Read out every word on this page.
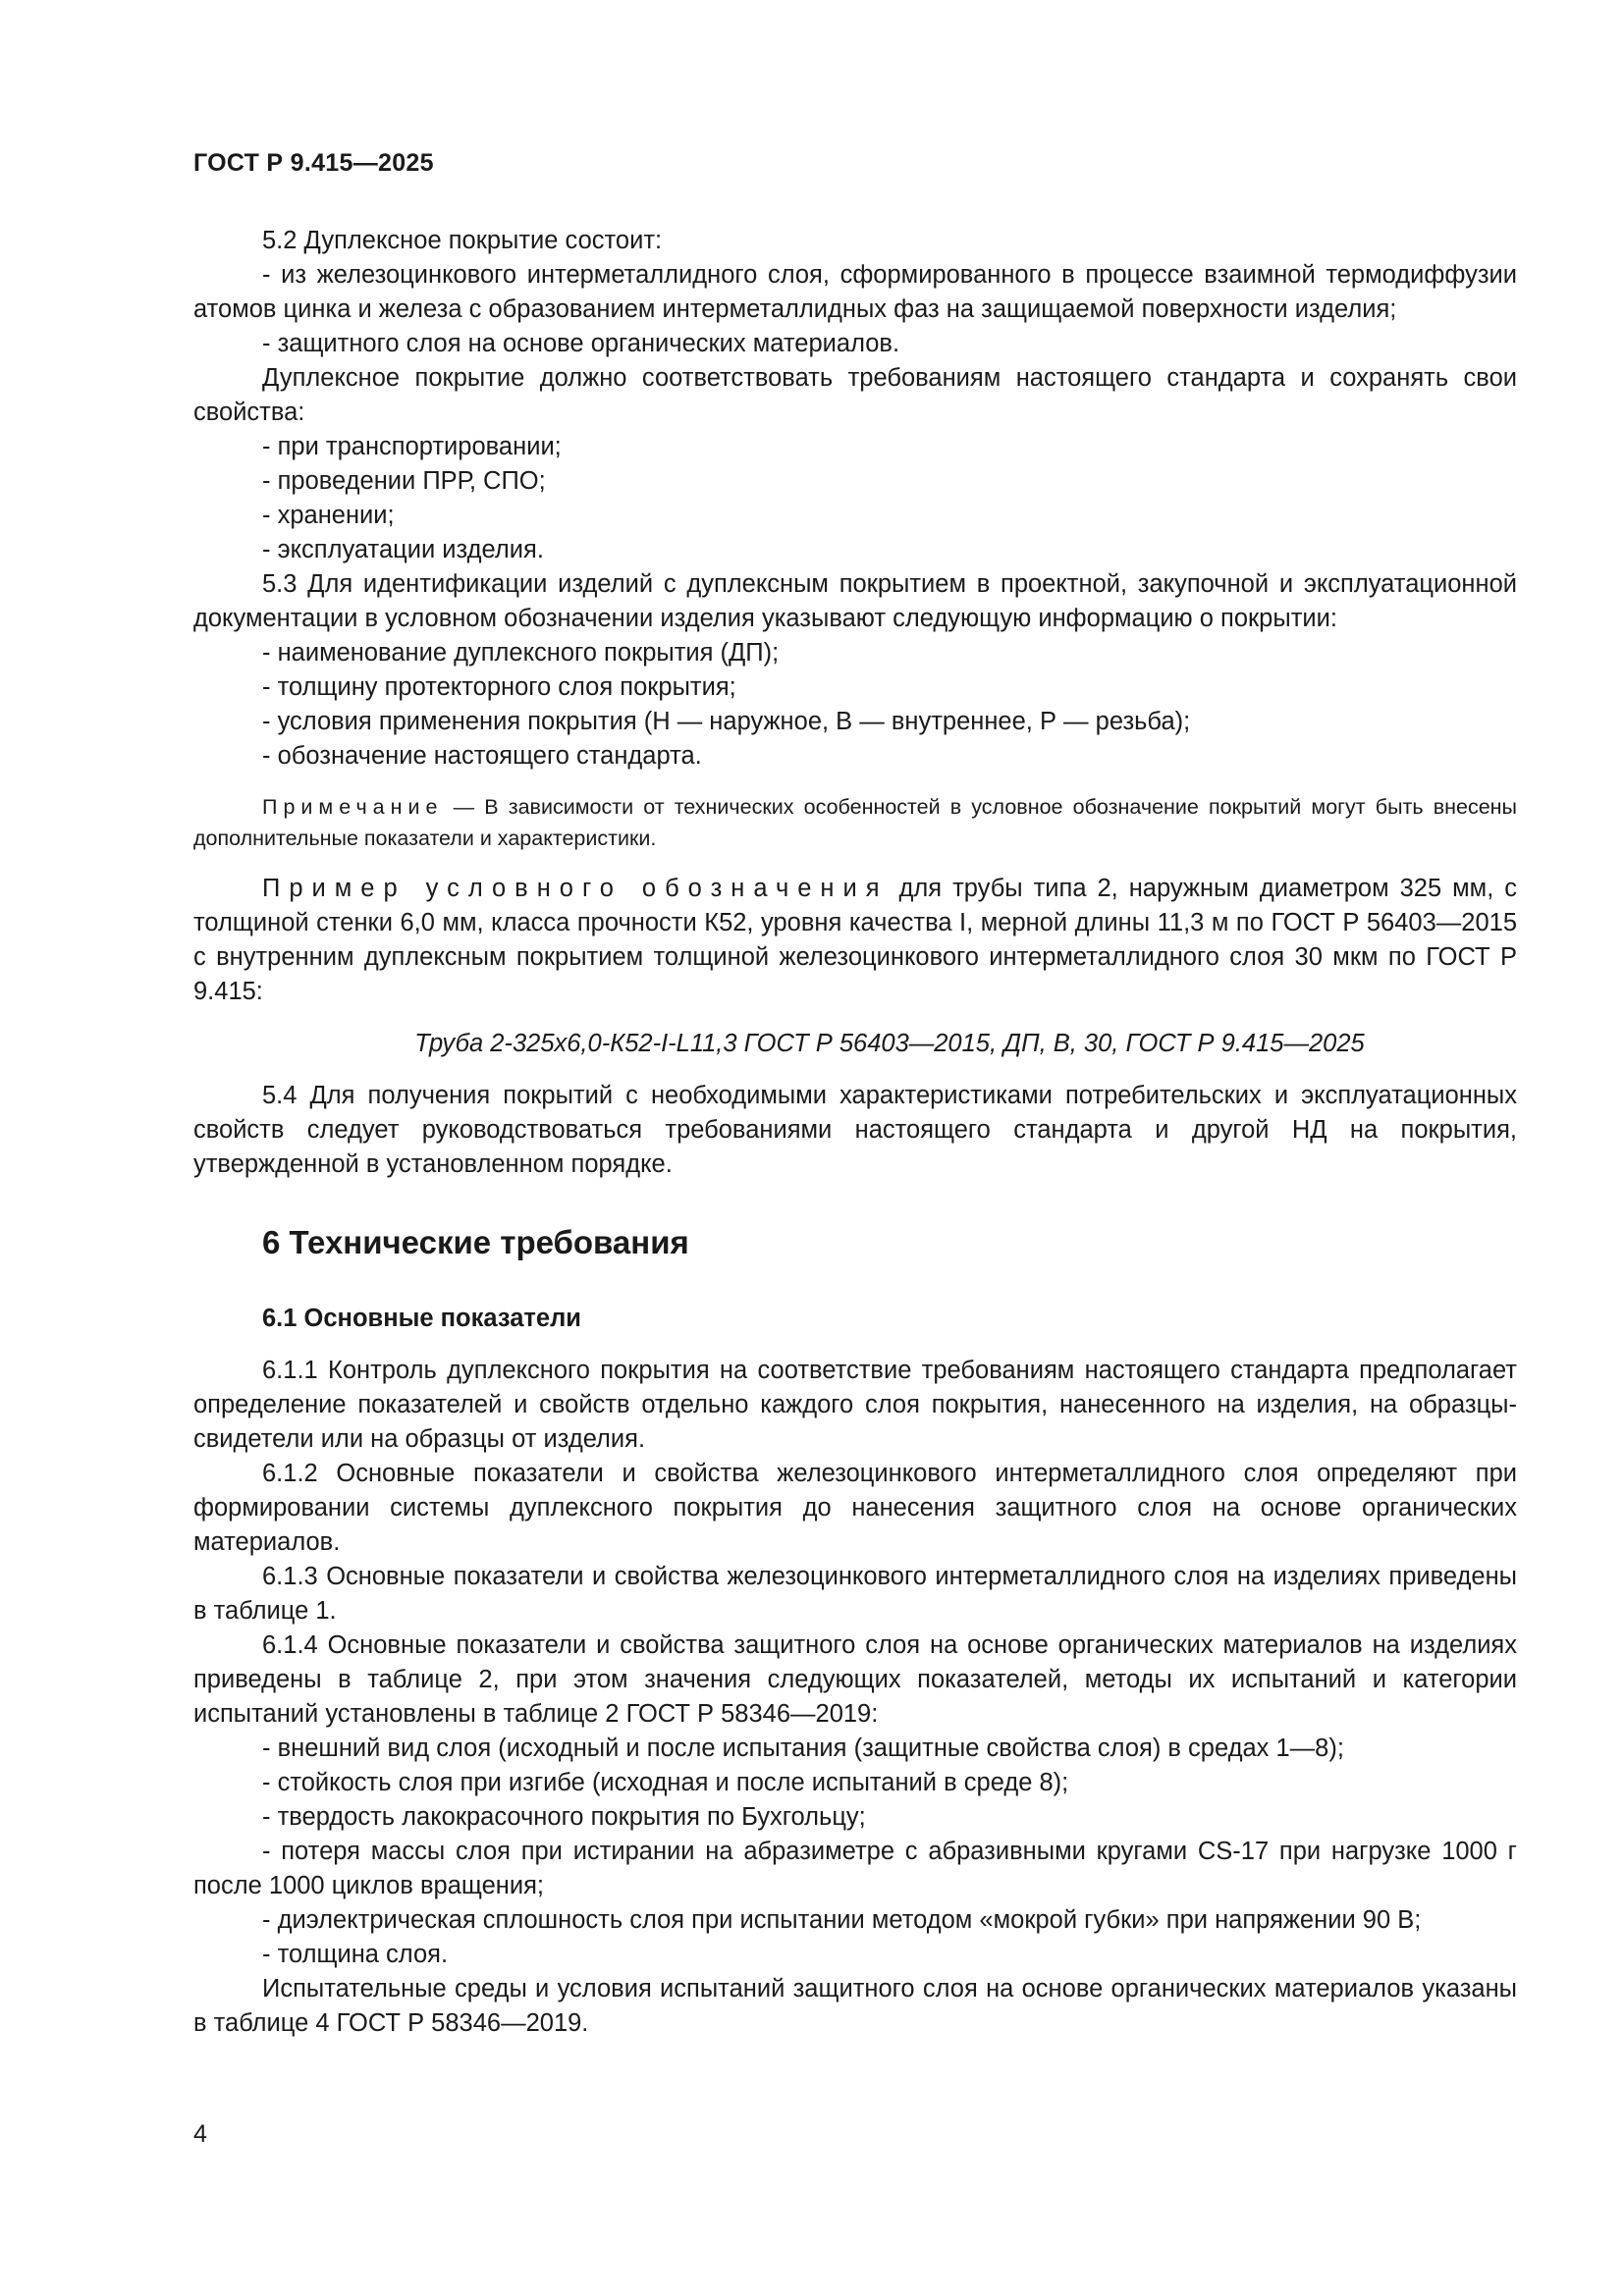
ГОСТ Р 9.415—2025

5.2 Дуплексное покрытие состоит:

- из железоцинкового интерметаллидного слоя, сформированного в процессе взаимной термодиффузии атомов цинка и железа с образованием интерметаллидных фаз на защищаемой поверхности изделия;

- защитного слоя на основе органических материалов.

Дуплексное покрытие должно соответствовать требованиям настоящего стандарта и сохранять свои свойства:

- при транспортировании;

- проведении ПРР, СПО;

- хранении;

- эксплуатации изделия.

5.3 Для идентификации изделий с дуплексным покрытием в проектной, закупочной и эксплуатационной документации в условном обозначении изделия указывают следующую информацию о покрытии:

- наименование дуплексного покрытия (ДП);

- толщину протекторного слоя покрытия;

- условия применения покрытия (Н — наружное, В — внутреннее, Р — резьба);

- обозначение настоящего стандарта.

Примечание — В зависимости от технических особенностей в условное обозначение покрытий могут быть внесены дополнительные показатели и характеристики.

Пример условного обозначения для трубы типа 2, наружным диаметром 325 мм, с толщиной стенки 6,0 мм, класса прочности К52, уровня качества I, мерной длины 11,3 м по ГОСТ Р 56403—2015 с внутренним дуплексным покрытием толщиной железоцинкового интерметаллидного слоя 30 мкм по ГОСТ Р 9.415:

Труба 2-325х6,0-К52-I-L11,3 ГОСТ Р 56403—2015, ДП, В, 30, ГОСТ Р 9.415—2025

5.4 Для получения покрытий с необходимыми характеристиками потребительских и эксплуатационных свойств следует руководствоваться требованиями настоящего стандарта и другой НД на покрытия, утвержденной в установленном порядке.

6 Технические требования

6.1 Основные показатели

6.1.1 Контроль дуплексного покрытия на соответствие требованиям настоящего стандарта предполагает определение показателей и свойств отдельно каждого слоя покрытия, нанесенного на изделия, на образцы-свидетели или на образцы от изделия.

6.1.2 Основные показатели и свойства железоцинкового интерметаллидного слоя определяют при формировании системы дуплексного покрытия до нанесения защитного слоя на основе органических материалов.

6.1.3 Основные показатели и свойства железоцинкового интерметаллидного слоя на изделиях приведены в таблице 1.

6.1.4 Основные показатели и свойства защитного слоя на основе органических материалов на изделиях приведены в таблице 2, при этом значения следующих показателей, методы их испытаний и категории испытаний установлены в таблице 2 ГОСТ Р 58346—2019:

- внешний вид слоя (исходный и после испытания (защитные свойства слоя) в средах 1—8);

- стойкость слоя при изгибе (исходная и после испытаний в среде 8);

- твердость лакокрасочного покрытия по Бухгольцу;

- потеря массы слоя при истирании на абразиметре с абразивными кругами CS-17 при нагрузке 1000 г после 1000 циклов вращения;

- диэлектрическая сплошность слоя при испытании методом «мокрой губки» при напряжении 90 В;

- толщина слоя.

Испытательные среды и условия испытаний защитного слоя на основе органических материалов указаны в таблице 4 ГОСТ Р 58346—2019.

4
